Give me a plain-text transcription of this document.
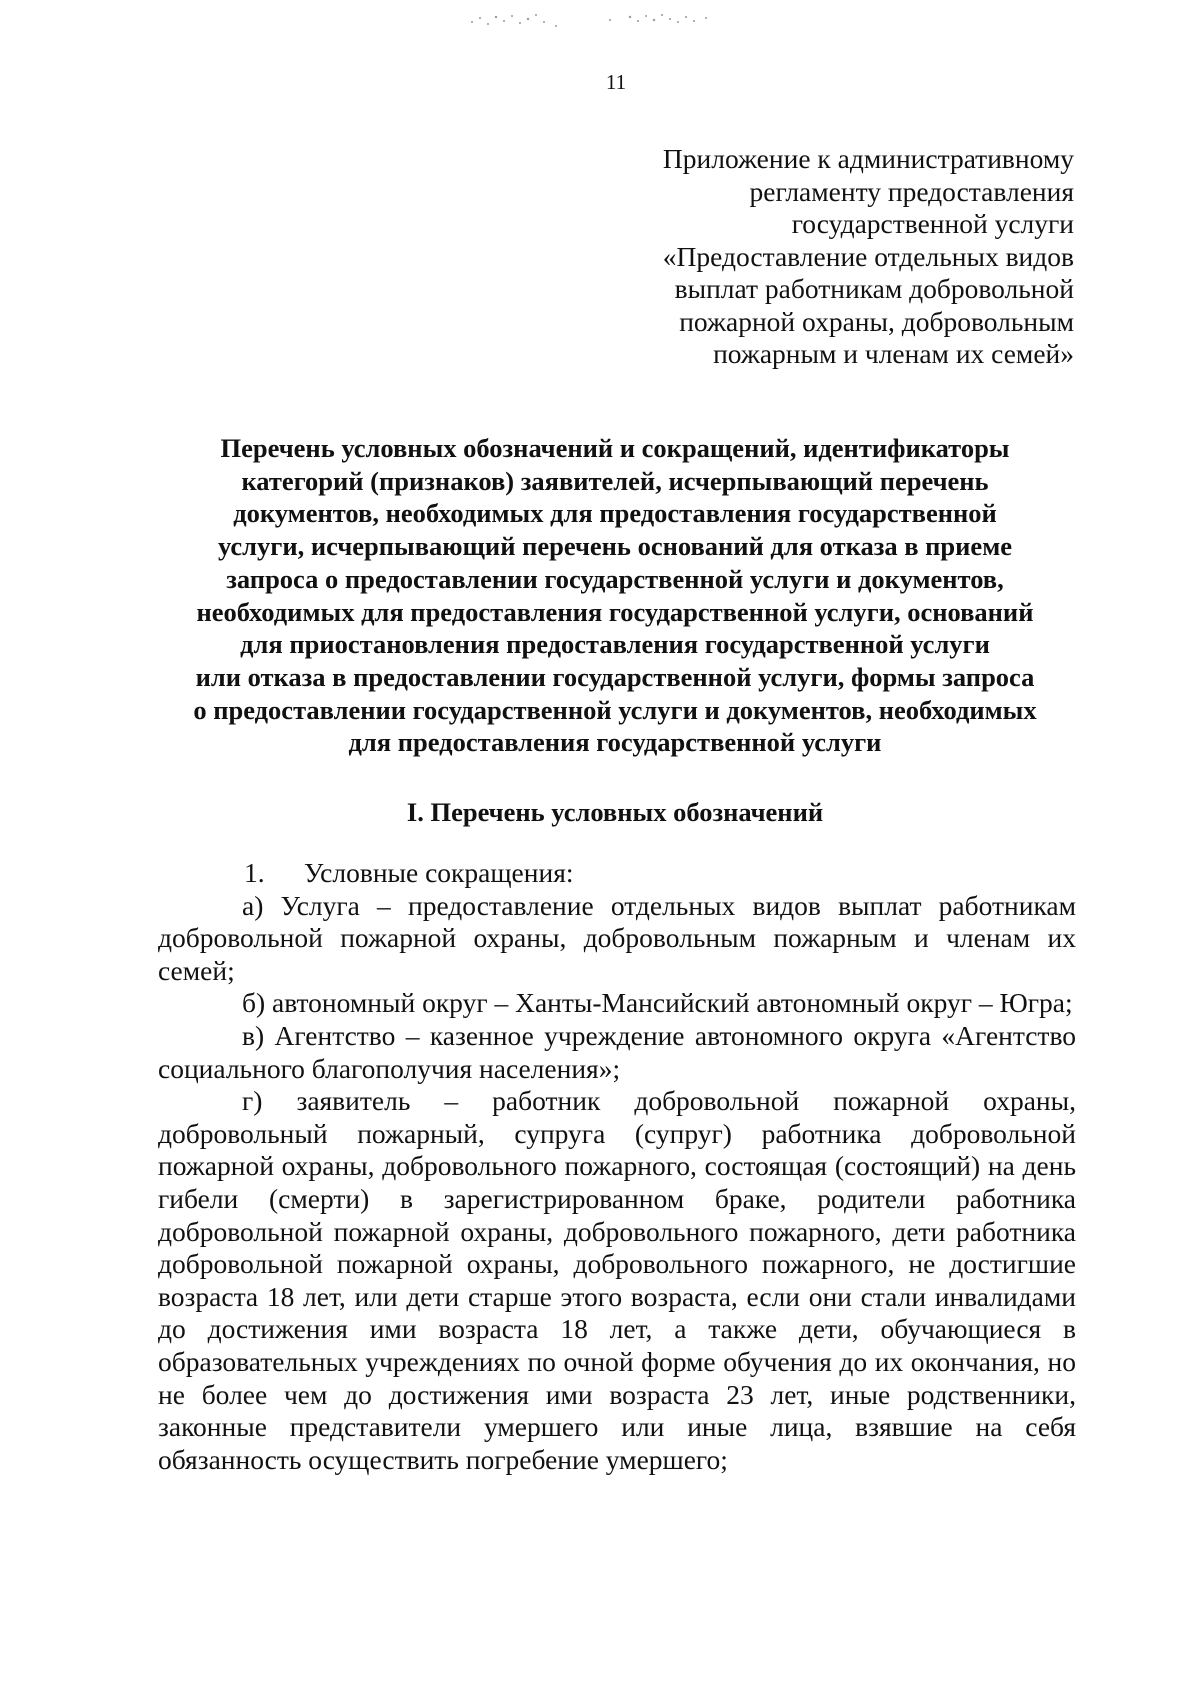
11
Приложение к административному
регламенту предоставления
государственной услуги
«Предоставление отдельных видов
выплат работникам добровольной
пожарной охраны, добровольным
пожарным и членам их семей»
Перечень условных обозначений и сокращений, идентификаторы
категорий (признаков) заявителей, исчерпывающий перечень
документов, необходимых для предоставления государственной
услуги, исчерпывающий перечень оснований для отказа в приеме
запроса о предоставлении государственной услуги и документов,
необходимых для предоставления государственной услуги, оснований
для приостановления предоставления государственной услуги
или отказа в предоставлении государственной услуги, формы запроса
о предоставлении государственной услуги и документов, необходимых
для предоставления государственной услуги
I. Перечень условных обозначений
1. Условные сокращения:

а) Услуга – предоставление отдельных видов выплат работникам добровольной пожарной охраны, добровольным пожарным и членам их семей;

б) автономный округ – Ханты-Мансийский автономный округ – Югра;

в) Агентство – казенное учреждение автономного округа «Агентство социального благополучия населения»;

г) заявитель – работник добровольной пожарной охраны, добровольный пожарный, супруга (супруг) работника добровольной пожарной охраны, добровольного пожарного, состоящая (состоящий) на день гибели (смерти) в зарегистрированном браке, родители работника добровольной пожарной охраны, добровольного пожарного, дети работника добровольной пожарной охраны, добровольного пожарного, не достигшие возраста 18 лет, или дети старше этого возраста, если они стали инвалидами до достижения ими возраста 18 лет, а также дети, обучающиеся в образовательных учреждениях по очной форме обучения до их окончания, но не более чем до достижения ими возраста 23 лет, иные родственники, законные представители умершего или иные лица, взявшие на себя обязанность осуществить погребение умершего;
